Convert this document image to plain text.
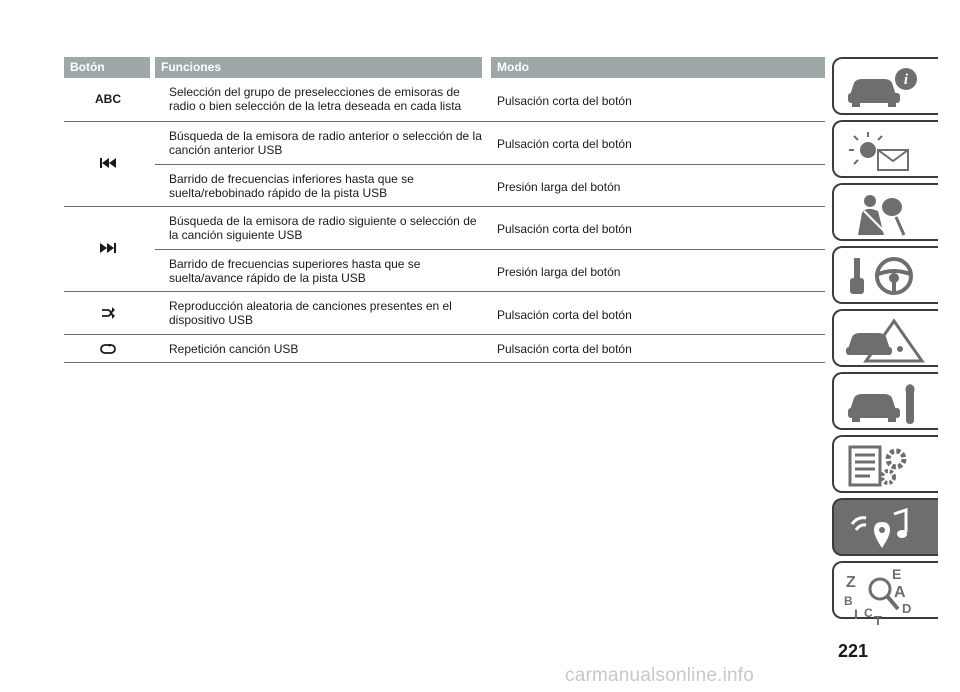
Botón	Funciones	Modo
ABC	Selección del grupo de preselecciones de emisoras de radio o bien selección de la letra deseada en cada lista	Pulsación corta del botón
Búsqueda de la emisora de radio anterior o selección de la canción anterior USB	Pulsación corta del botón
Barrido de frecuencias inferiores hasta que se suelta/rebobinado rápido de la pista USB	Presión larga del botón
Búsqueda de la emisora de radio siguiente o selección de la canción siguiente USB	Pulsación corta del botón
Barrido de frecuencias superiores hasta que se suelta/avance rápido de la pista USB	Presión larga del botón
Reproducción aleatoria de canciones presentes en el dispositivo USB	Pulsación corta del botón
Repetición canción USB	Pulsación corta del botón
i
Z	E
A
B
C D
I T
221
carmanualsonline.info
